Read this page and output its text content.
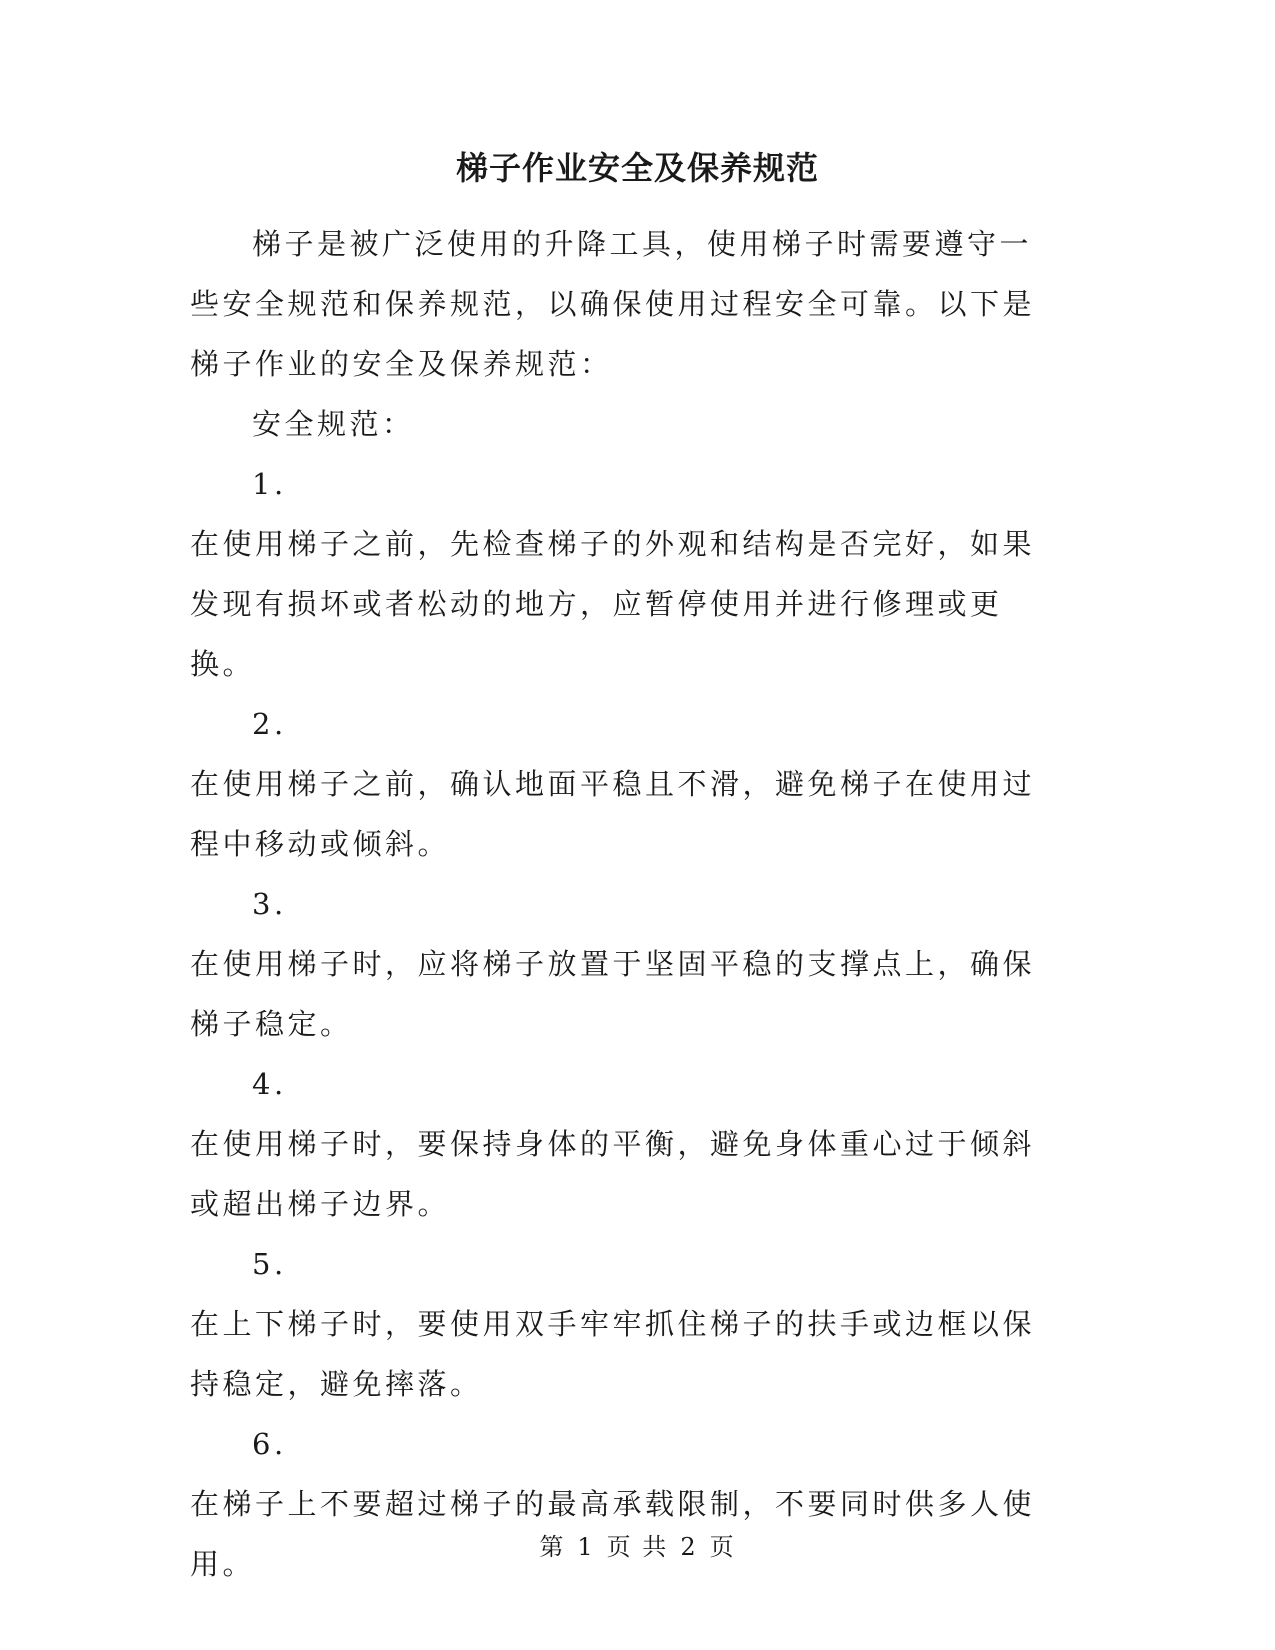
梯子作业安全及保养规范

梯子是被广泛使用的升降工具，使用梯子时需要遵守一些安全规范和保养规范，以确保使用过程安全可靠。以下是梯子作业的安全及保养规范：

安全规范：

1.

在使用梯子之前，先检查梯子的外观和结构是否完好，如果发现有损坏或者松动的地方，应暂停使用并进行修理或更换。

2.

在使用梯子之前，确认地面平稳且不滑，避免梯子在使用过程中移动或倾斜。

3.

在使用梯子时，应将梯子放置于坚固平稳的支撑点上，确保梯子稳定。

4.

在使用梯子时，要保持身体的平衡，避免身体重心过于倾斜或超出梯子边界。

5.

在上下梯子时，要使用双手牢牢抓住梯子的扶手或边框以保持稳定，避免摔落。

6.

在梯子上不要超过梯子的最高承载限制，不要同时供多人使用。	第 1 页 共 2 页
